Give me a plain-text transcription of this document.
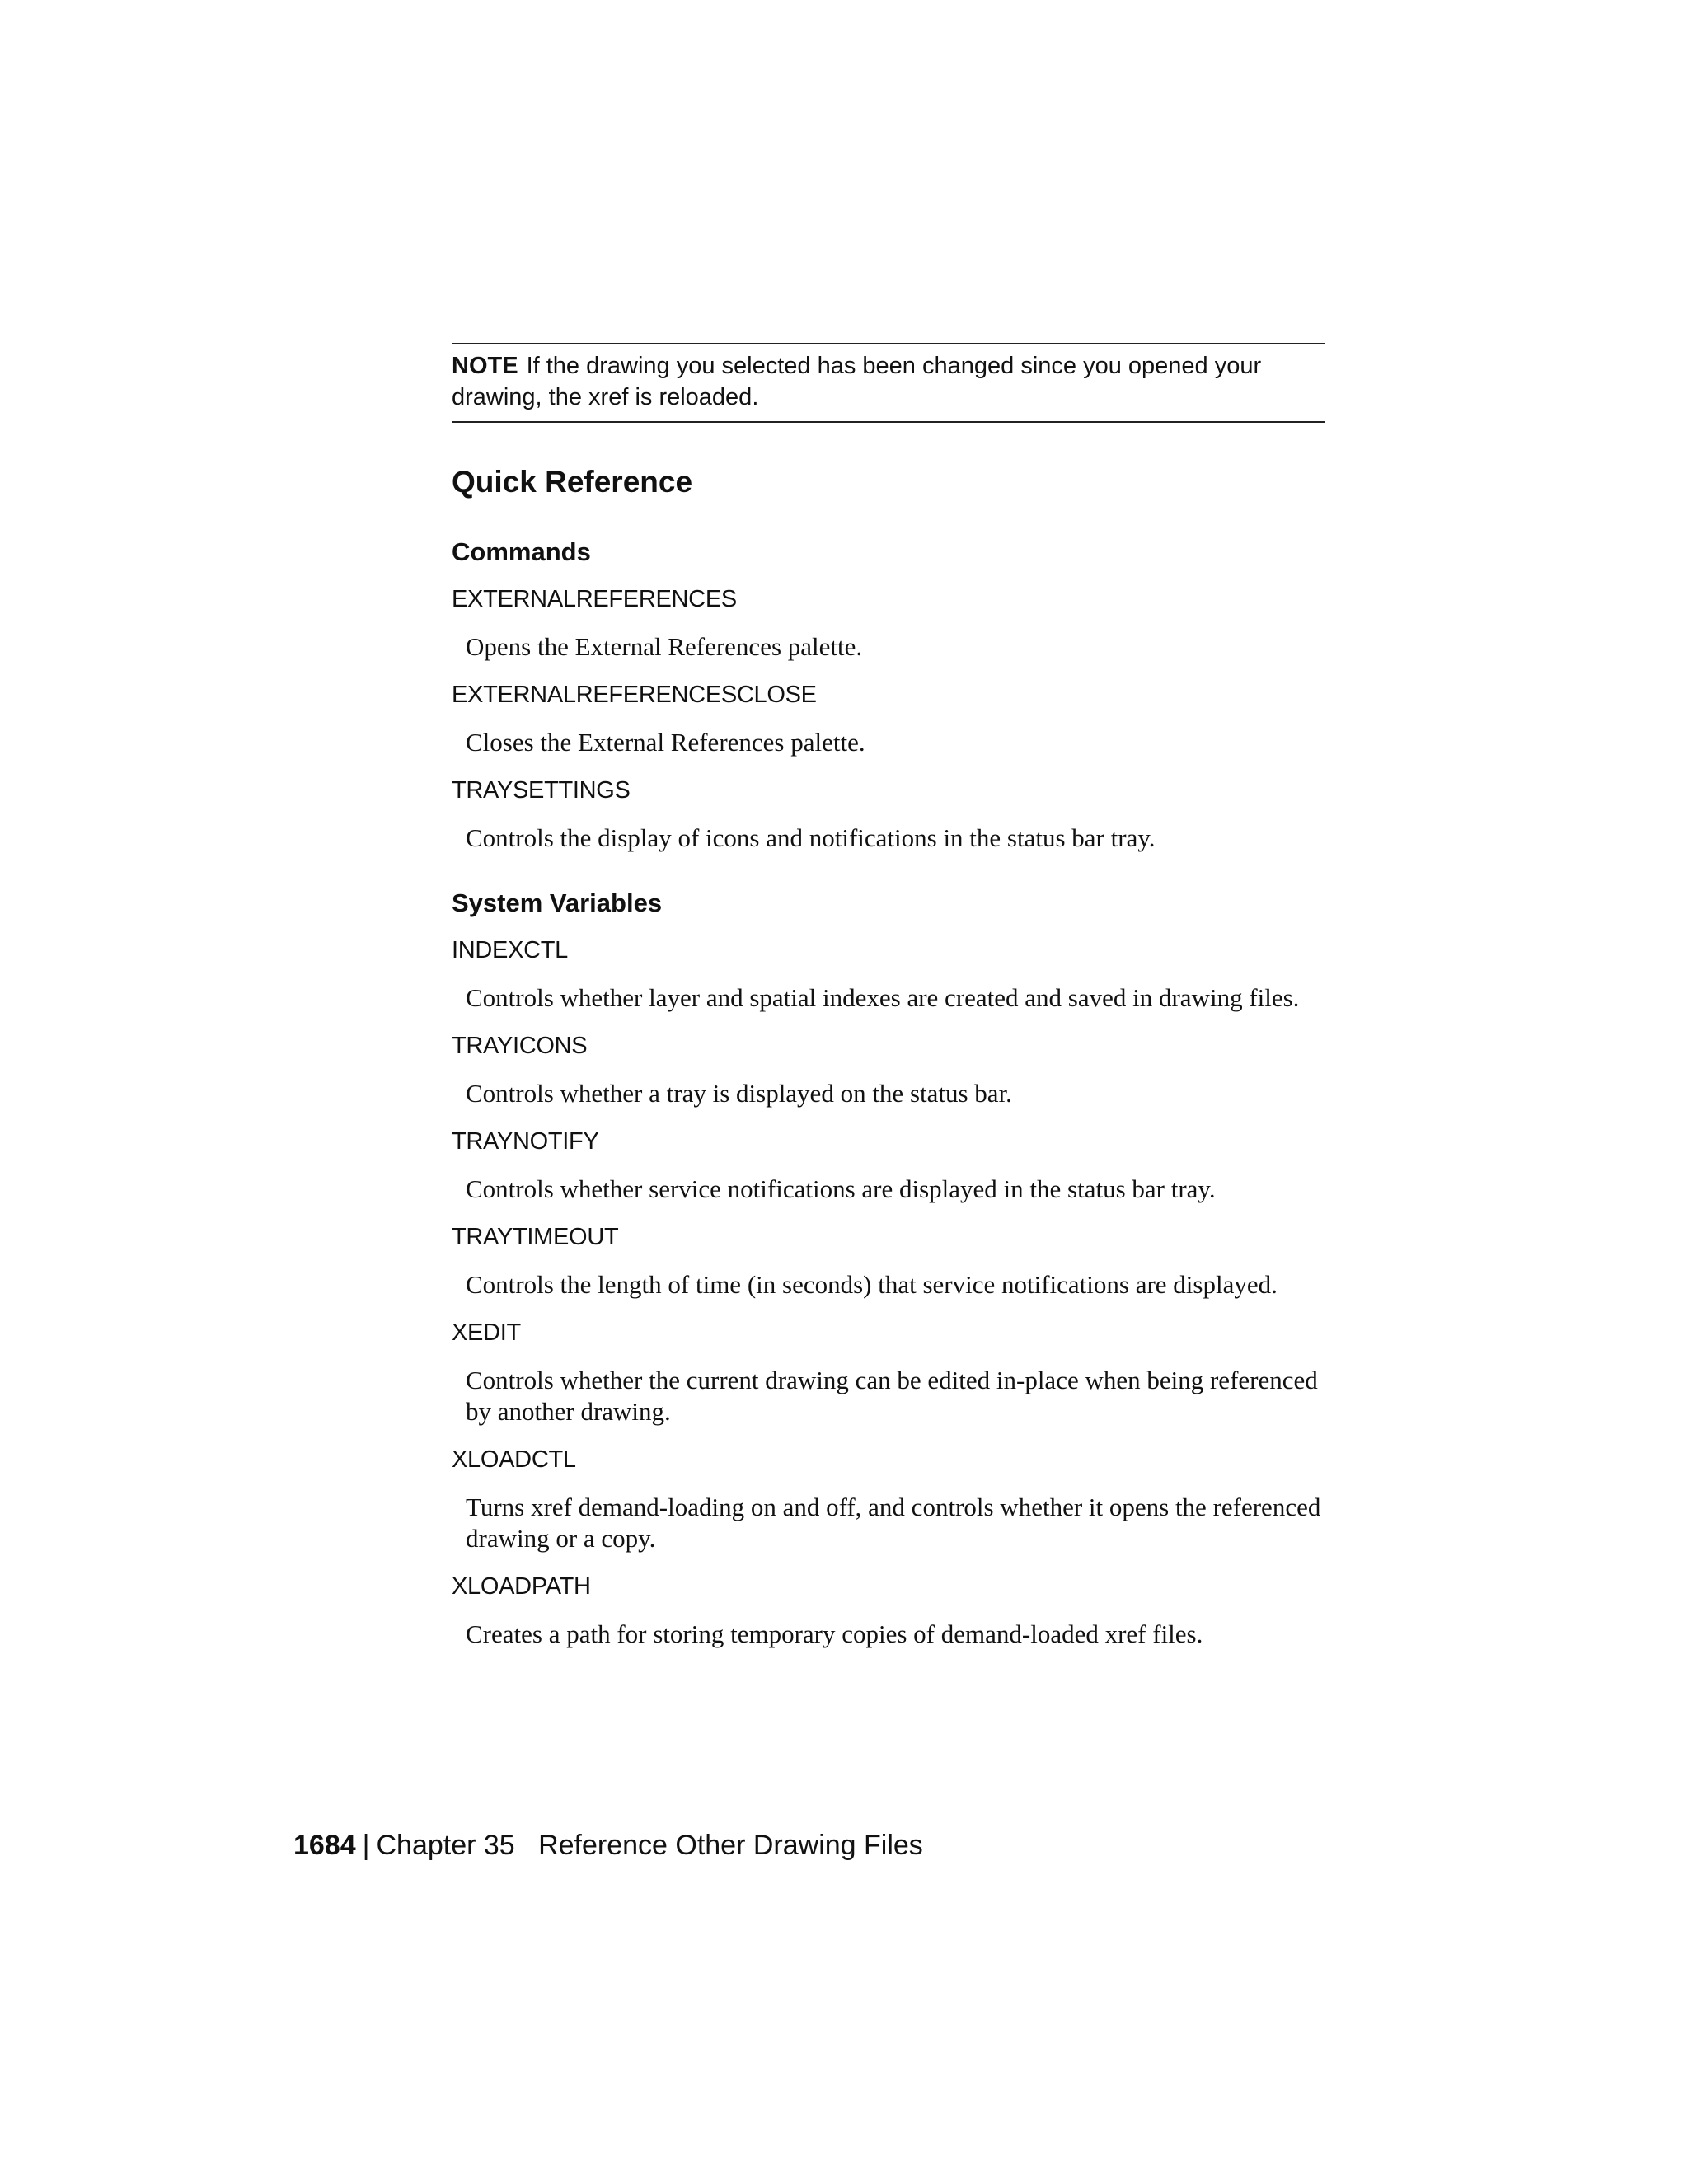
NOTE If the drawing you selected has been changed since you opened your drawing, the xref is reloaded.
Quick Reference
Commands

EXTERNALREFERENCES

Opens the External References palette.

EXTERNALREFERENCESCLOSE

Closes the External References palette.

TRAYSETTINGS

Controls the display of icons and notifications in the status bar tray.

System Variables

INDEXCTL

Controls whether layer and spatial indexes are created and saved in drawing files.

TRAYICONS

Controls whether a tray is displayed on the status bar.

TRAYNOTIFY

Controls whether service notifications are displayed in the status bar tray.

TRAYTIMEOUT

Controls the length of time (in seconds) that service notifications are displayed.

XEDIT

Controls whether the current drawing can be edited in-place when being referenced by another drawing.

XLOADCTL

Turns xref demand-loading on and off, and controls whether it opens the referenced drawing or a copy.

XLOADPATH

Creates a path for storing temporary copies of demand-loaded xref files.

1684 | Chapter 35 Reference Other Drawing Files
